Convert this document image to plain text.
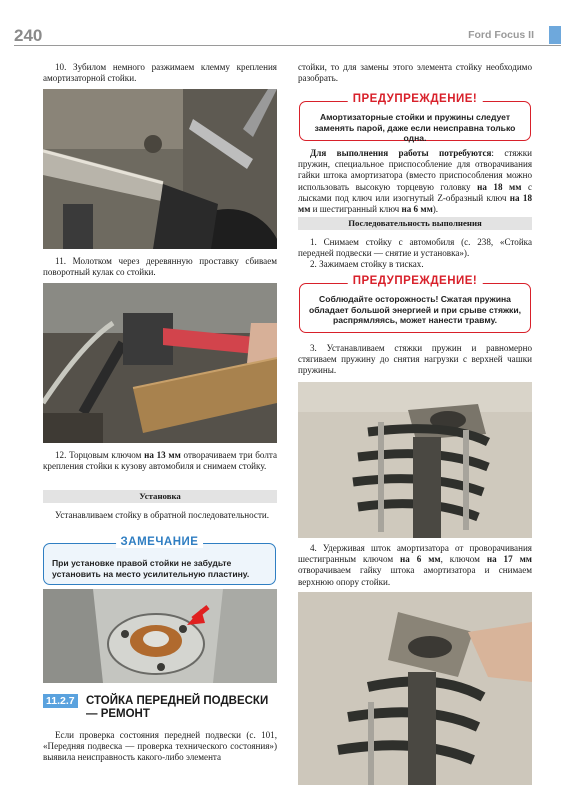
240	Ford Focus II

10. Зубилом немного разжимаем клемму крепления амортизаторной стойки.

11. Молотком через деревянную проставку сбиваем поворотный кулак со стойки.

12. Торцовым ключом на 13 мм отворачиваем три болта крепления стойки к кузову автомобиля и снимаем стойку.

Установка

Устанавливаем стойку в обратной последовательности.

ЗАМЕЧАНИЕ
При установке правой стойки не забудьте установить на место усилительную пластину.
11.2.7 СТОЙКА ПЕРЕДНЕЙ ПОДВЕСКИ — РЕМОНТ

Если проверка состояния передней подвески (с. 101, «Передняя подвеска — проверка технического состояния») выявила неисправность какого-либо элемента

стойки, то для замены этого элемента стойку необходимо разобрать.

ПРЕДУПРЕЖДЕНИЕ!
Амортизаторные стойки и пружины следует заменять парой, даже если неисправна только одна.

Для выполнения работы потребуются: стяжки пружин, специальное приспособление для отворачивания гайки штока амортизатора (вместо приспособления можно использовать высокую торцевую головку на 18 мм с лысками под ключ или изогнутый Z-образный ключ на 18 мм и шестигранный ключ на 6 мм).

Последовательность выполнения

1. Снимаем стойку с автомобиля (с. 238, «Стойка передней подвески — снятие и установка»).

2. Зажимаем стойку в тисках.

ПРЕДУПРЕЖДЕНИЕ!
Соблюдайте осторожность! Сжатая пружина обладает большой энергией и при срыве стяжки, распрямляясь, может нанести травму.

3. Устанавливаем стяжки пружин и равномерно стягиваем пружину до снятия нагрузки с верхней чашки пружины.

4. Удерживая шток амортизатора от проворачивания шестигранным ключом на 6 мм, ключом на 17 мм отворачиваем гайку штока амортизатора и снимаем верхнюю опору стойки.
